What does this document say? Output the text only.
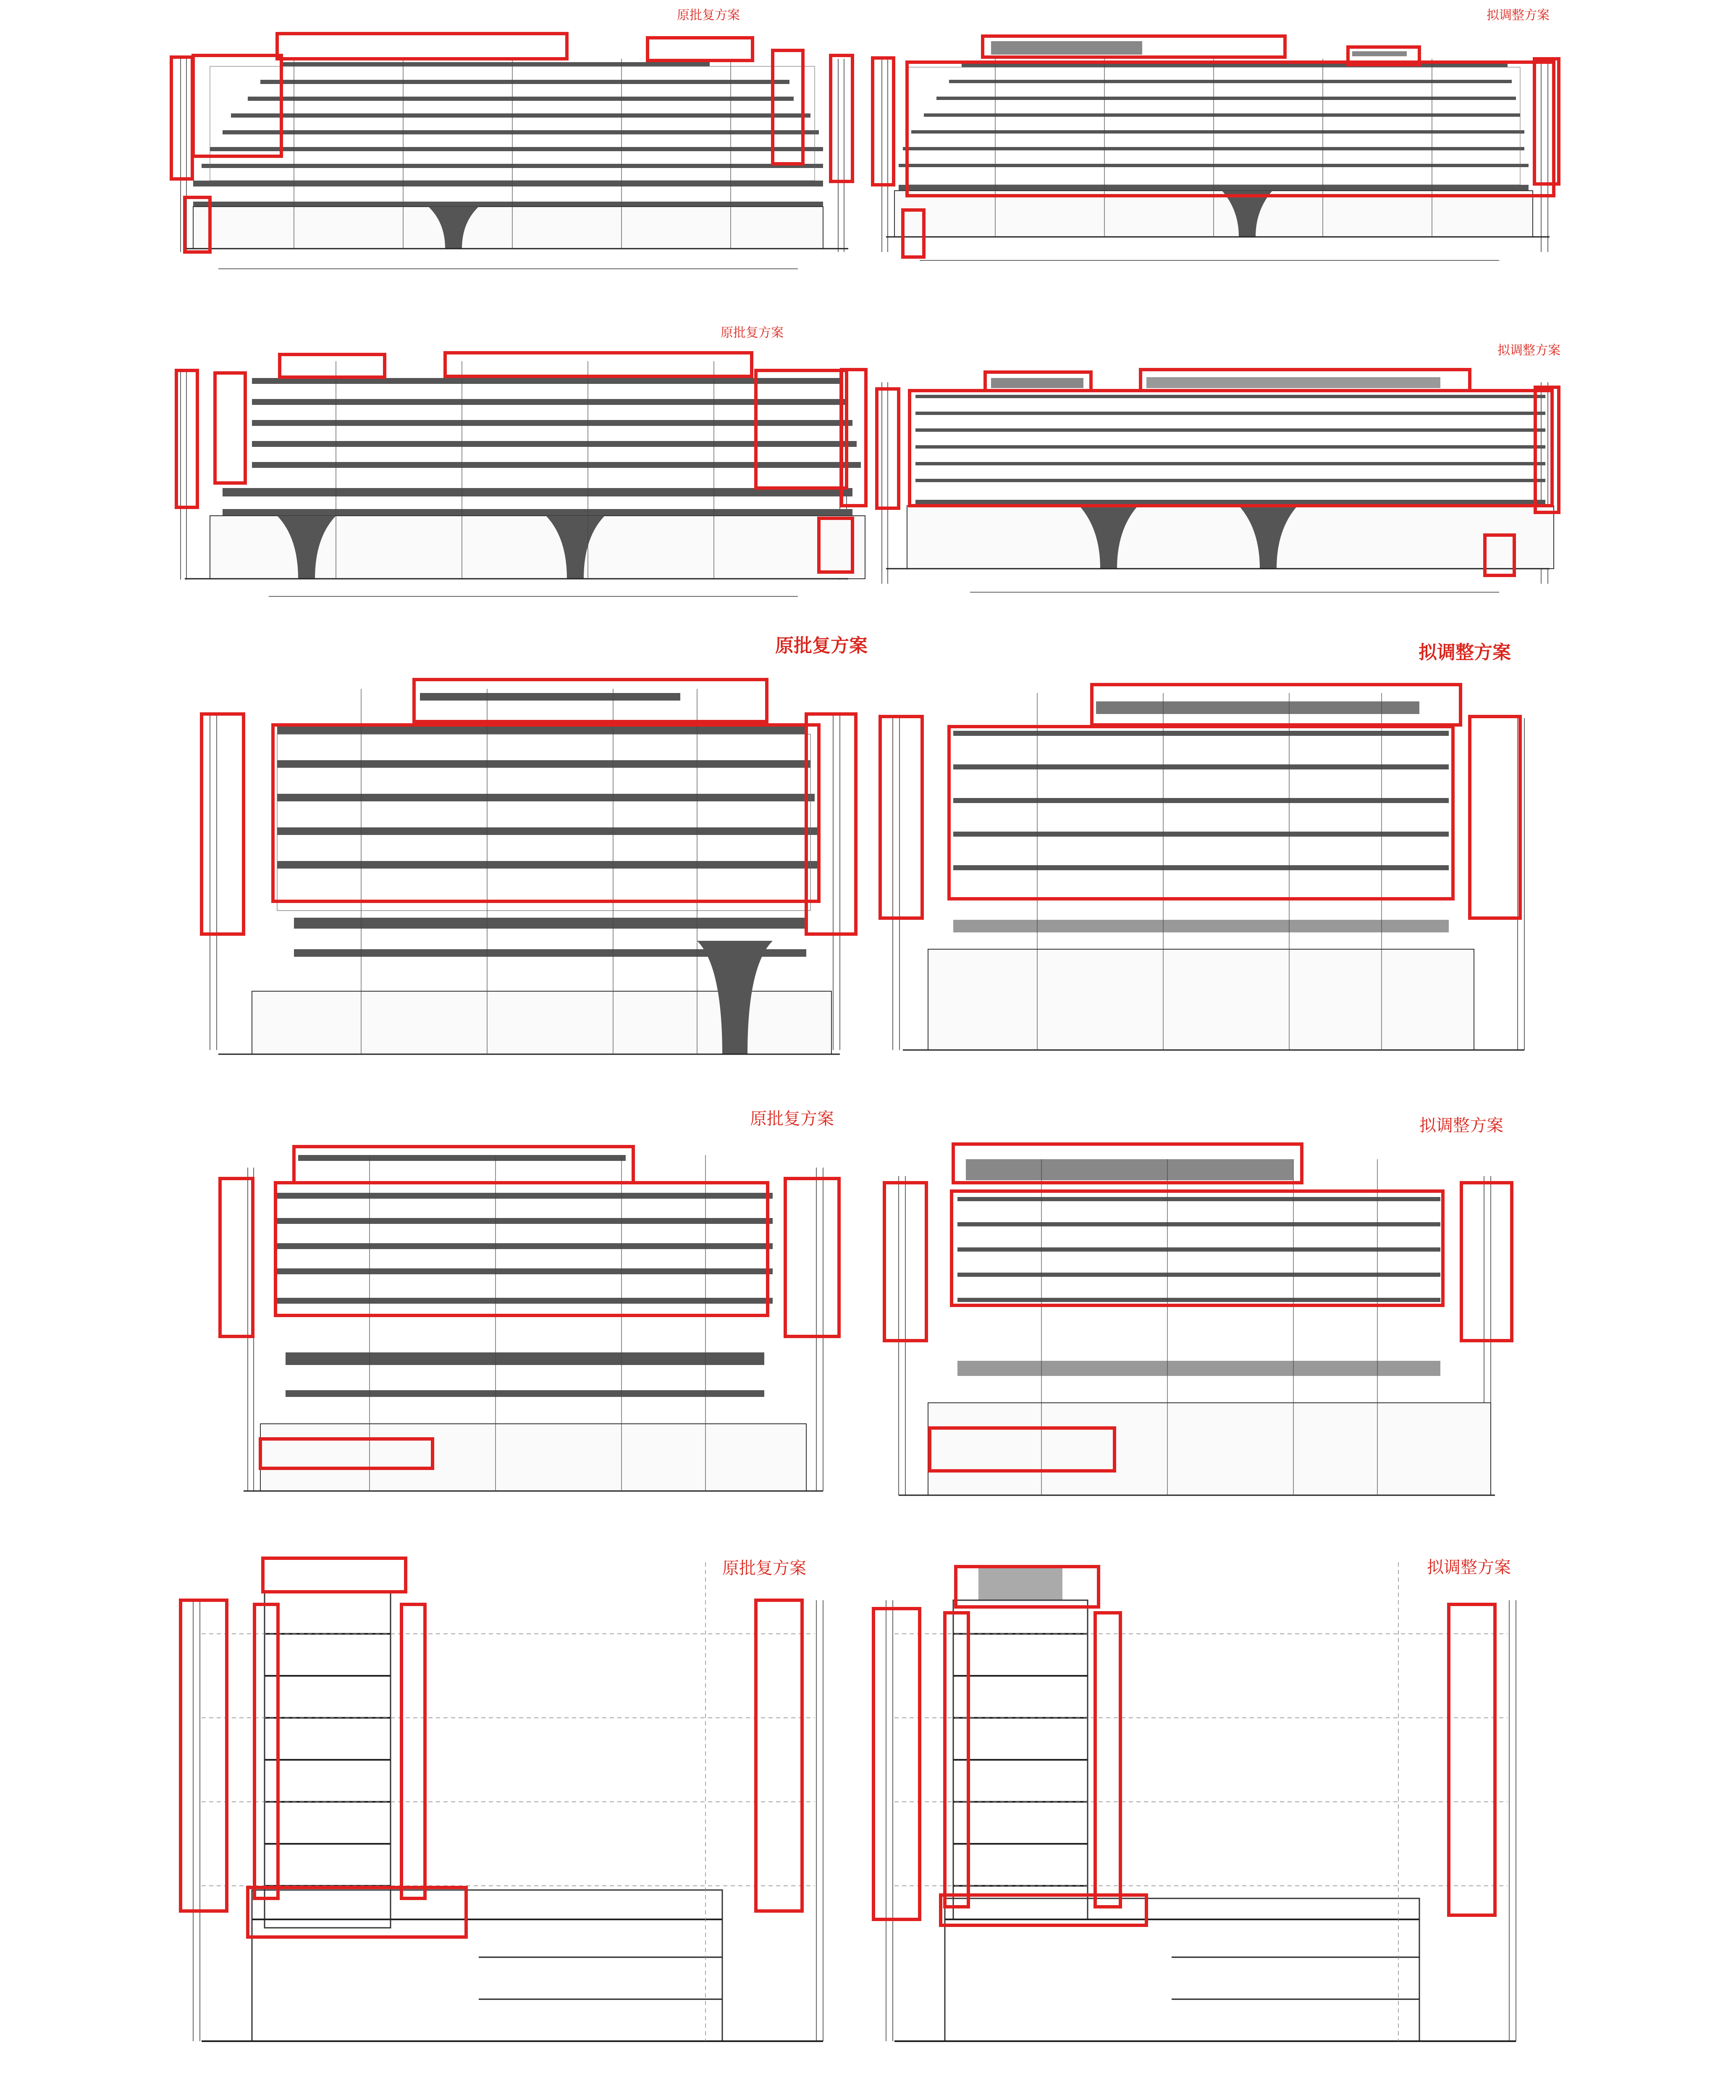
原批复方案	拟调整方案
原批复方案
拟调整方案
原批复方案	拟调整方案
原批复方案	拟调整方案
原批复方案	拟调整方案
